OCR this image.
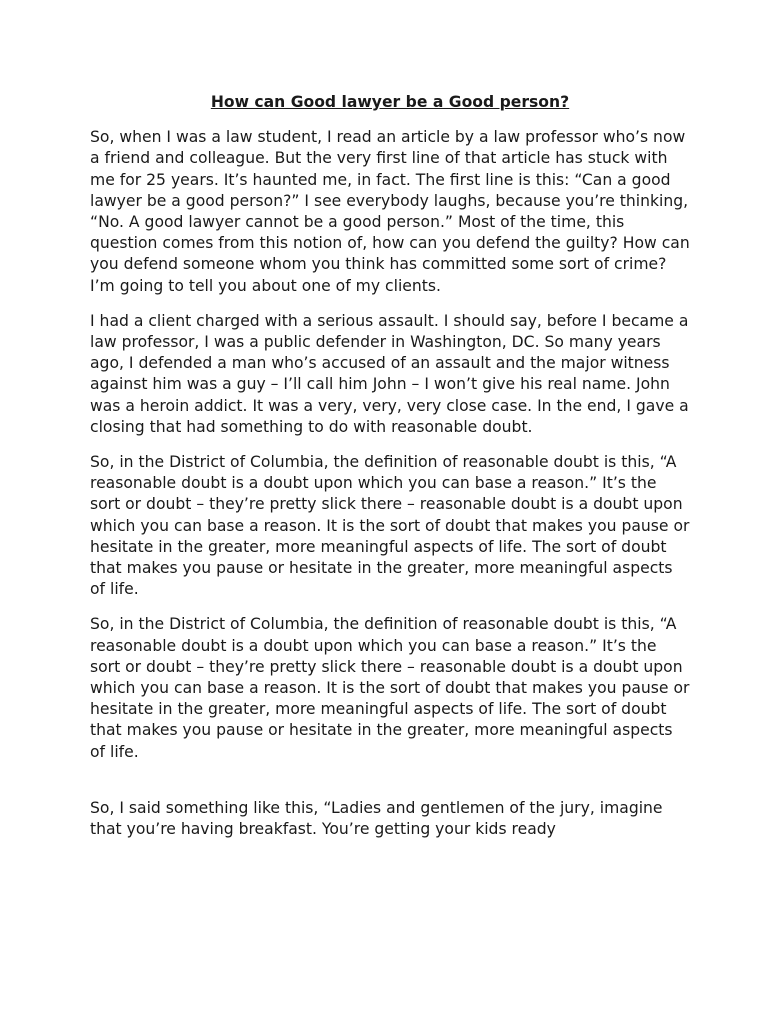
How can Good lawyer be a Good person?

So, when I was a law student, I read an article by a law professor who’s now a friend and colleague. But the very first line of that article has stuck with me for 25 years. It’s haunted me, in fact. The first line is this: “Can a good lawyer be a good person?” I see everybody laughs, because you’re thinking, “No. A good lawyer cannot be a good person.” Most of the time, this question comes from this notion of, how can you defend the guilty? How can you defend someone whom you think has committed some sort of crime? I’m going to tell you about one of my clients.

I had a client charged with a serious assault. I should say, before I became a law professor, I was a public defender in Washington, DC. So many years ago, I defended a man who’s accused of an assault and the major witness against him was a guy – I’ll call him John – I won’t give his real name. John was a heroin addict. It was a very, very, very close case. In the end, I gave a closing that had something to do with reasonable doubt.

So, in the District of Columbia, the definition of reasonable doubt is this, “A reasonable doubt is a doubt upon which you can base a reason.” It’s the sort or doubt – they’re pretty slick there – reasonable doubt is a doubt upon which you can base a reason. It is the sort of doubt that makes you pause or hesitate in the greater, more meaningful aspects of life. The sort of doubt that makes you pause or hesitate in the greater, more meaningful aspects of life.

So, in the District of Columbia, the definition of reasonable doubt is this, “A reasonable doubt is a doubt upon which you can base a reason.” It’s the sort or doubt – they’re pretty slick there – reasonable doubt is a doubt upon which you can base a reason. It is the sort of doubt that makes you pause or hesitate in the greater, more meaningful aspects of life. The sort of doubt that makes you pause or hesitate in the greater, more meaningful aspects of life.

So, I said something like this, “Ladies and gentlemen of the jury, imagine that you’re having breakfast. You’re getting your kids ready
